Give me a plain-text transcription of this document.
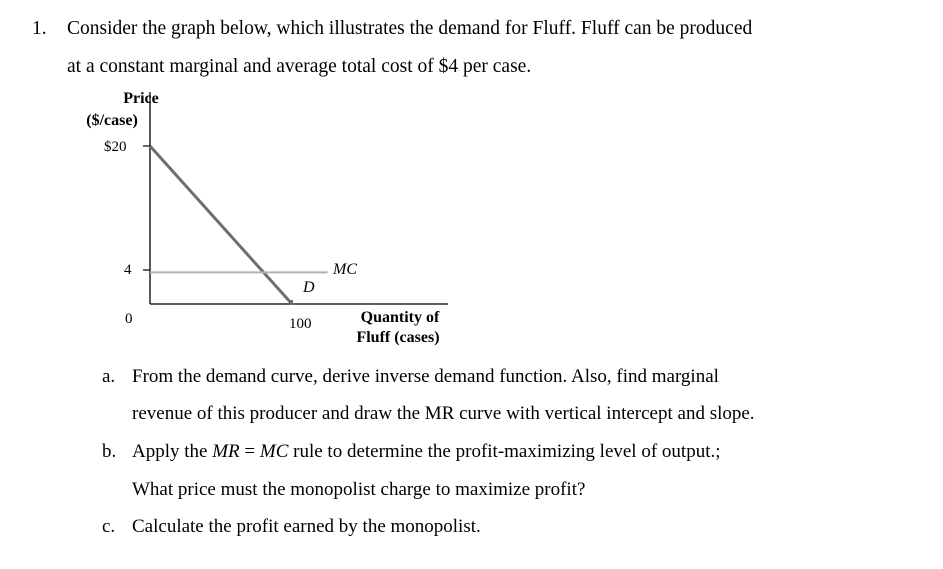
1. Consider the graph below, which illustrates the demand for Fluff. Fluff can be produced
at a constant marginal and average total cost of $4 per case.
Price
($/case)
$20
4
0	100
MC
D
Quantity of
Fluff (cases)
a. From the demand curve, derive inverse demand function. Also, find marginal
revenue of this producer and draw the MR curve with vertical intercept and slope.
b. Apply the MR = MC rule to determine the profit-maximizing level of output.;
What price must the monopolist charge to maximize profit?
c. Calculate the profit earned by the monopolist.
